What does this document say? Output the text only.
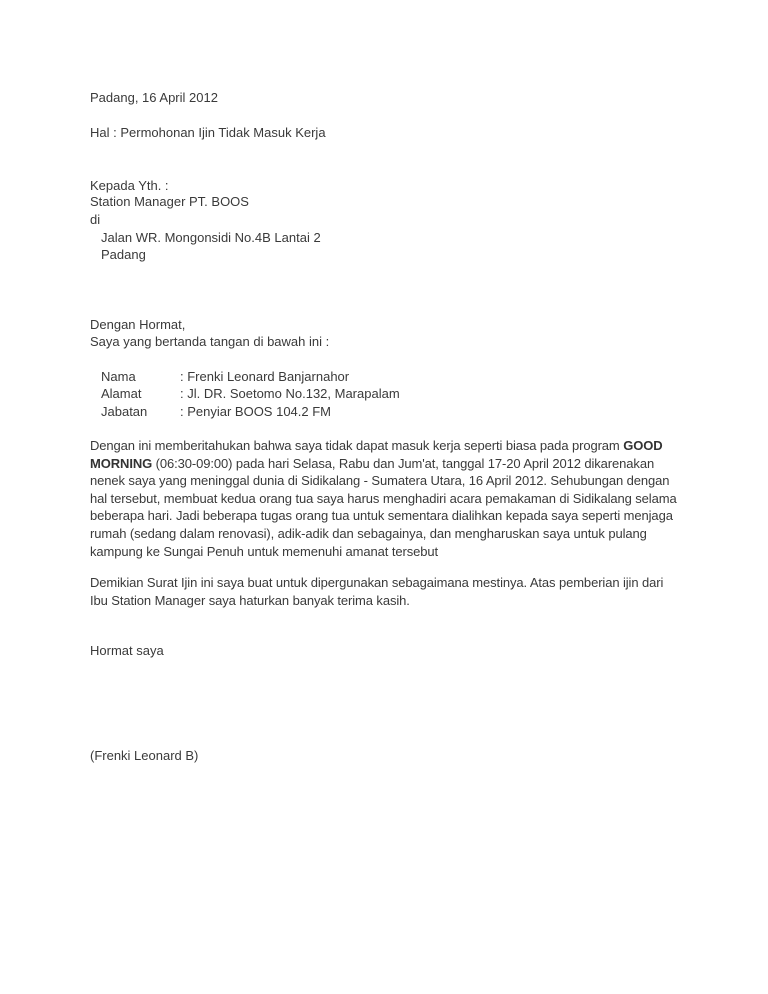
Padang, 16 April 2012
Hal : Permohonan Ijin Tidak Masuk Kerja
Kepada Yth. :
Station Manager PT. BOOS
di
Jalan WR. Mongonsidi No.4B Lantai 2
Padang
Dengan Hormat,
Saya yang bertanda tangan di bawah ini :
Nama	: Frenki Leonard Banjarnahor
Alamat	: Jl. DR. Soetomo No.132, Marapalam
Jabatan	: Penyiar BOOS 104.2 FM
Dengan ini memberitahukan bahwa saya tidak dapat masuk kerja seperti biasa pada program GOOD MORNING (06:30-09:00) pada hari Selasa, Rabu dan Jum'at, tanggal 17-20 April 2012 dikarenakan nenek saya yang meninggal dunia di Sidikalang - Sumatera Utara, 16 April 2012. Sehubungan dengan hal tersebut, membuat kedua orang tua saya harus menghadiri acara pemakaman di Sidikalang selama beberapa hari. Jadi beberapa tugas orang tua untuk sementara dialihkan kepada saya seperti menjaga rumah (sedang dalam renovasi), adik-adik dan sebagainya, dan mengharuskan saya untuk pulang kampung ke Sungai Penuh untuk memenuhi amanat tersebut
Demikian Surat Ijin ini saya buat untuk dipergunakan sebagaimana mestinya. Atas pemberian ijin dari Ibu Station Manager saya haturkan banyak terima kasih.
Hormat saya
(Frenki Leonard B)
